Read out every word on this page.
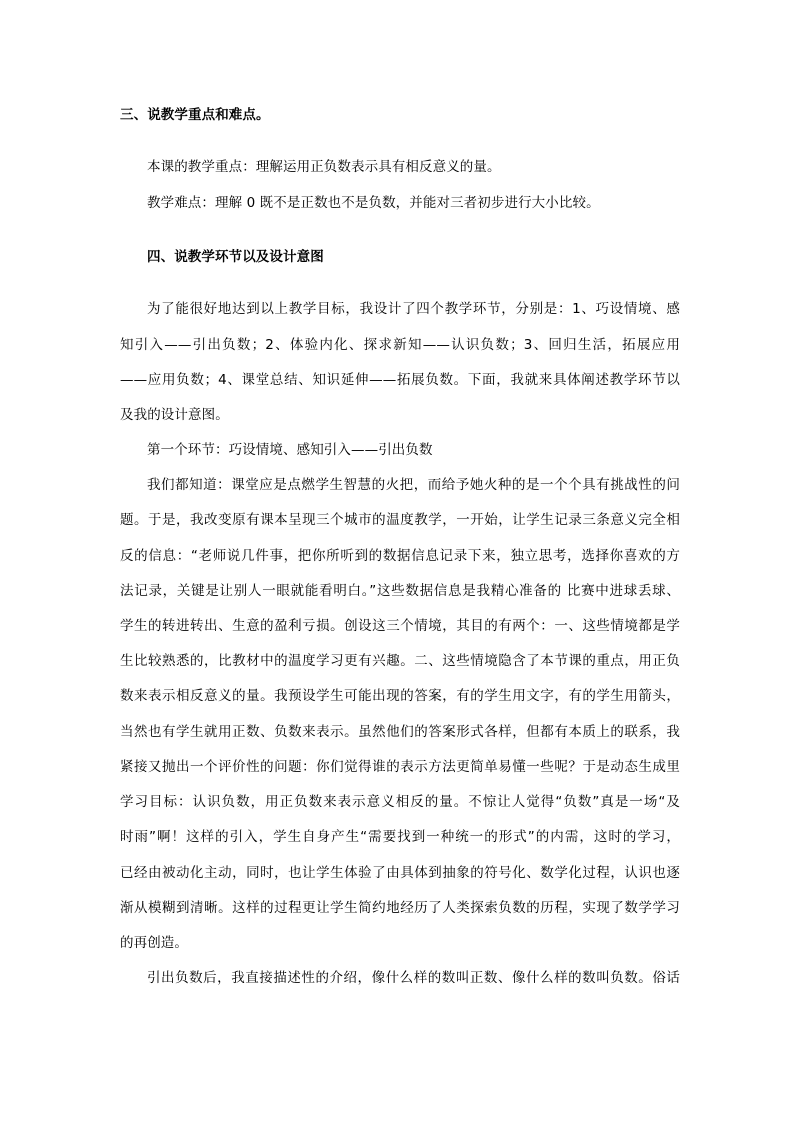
三、说教学重点和难点。
本课的教学重点：理解运用正负数表示具有相反意义的量。
教学难点：理解 0 既不是正数也不是负数，并能对三者初步进行大小比较。
四、说教学环节以及设计意图
为了能很好地达到以上教学目标，我设计了四个教学环节，分别是：1、巧设情境、感
知引入——引出负数；2、体验内化、探求新知——认识负数；3、回归生活，拓展应用
——应用负数；4、课堂总结、知识延伸——拓展负数。下面，我就来具体阐述教学环节以
及我的设计意图。
第一个环节：巧设情境、感知引入——引出负数
我们都知道：课堂应是点燃学生智慧的火把，而给予她火种的是一个个具有挑战性的问
题。于是，我改变原有课本呈现三个城市的温度教学，一开始，让学生记录三条意义完全相
反的信息：“老师说几件事，把你所听到的数据信息记录下来，独立思考，选择你喜欢的方
法记录，关键是让别人一眼就能看明白。”这些数据信息是我精心准备的 比赛中进球丢球、
学生的转进转出、生意的盈利亏损。创设这三个情境，其目的有两个：一、这些情境都是学
生比较熟悉的，比教材中的温度学习更有兴趣。二、这些情境隐含了本节课的重点，用正负
数来表示相反意义的量。我预设学生可能出现的答案，有的学生用文字，有的学生用箭头，
当然也有学生就用正数、负数来表示。虽然他们的答案形式各样，但都有本质上的联系，我
紧接又抛出一个评价性的问题：你们觉得谁的表示方法更简单易懂一些呢？于是动态生成里
学习目标：认识负数，用正负数来表示意义相反的量。不惊让人觉得“负数”真是一场“及
时雨”啊！这样的引入，学生自身产生“需要找到一种统一的形式”的内需，这时的学习，
已经由被动化主动，同时，也让学生体验了由具体到抽象的符号化、数学化过程，认识也逐
渐从模糊到清晰。这样的过程更让学生简约地经历了人类探索负数的历程，实现了数学学习
的再创造。
引出负数后，我直接描述性的介绍，像什么样的数叫正数、像什么样的数叫负数。俗话
